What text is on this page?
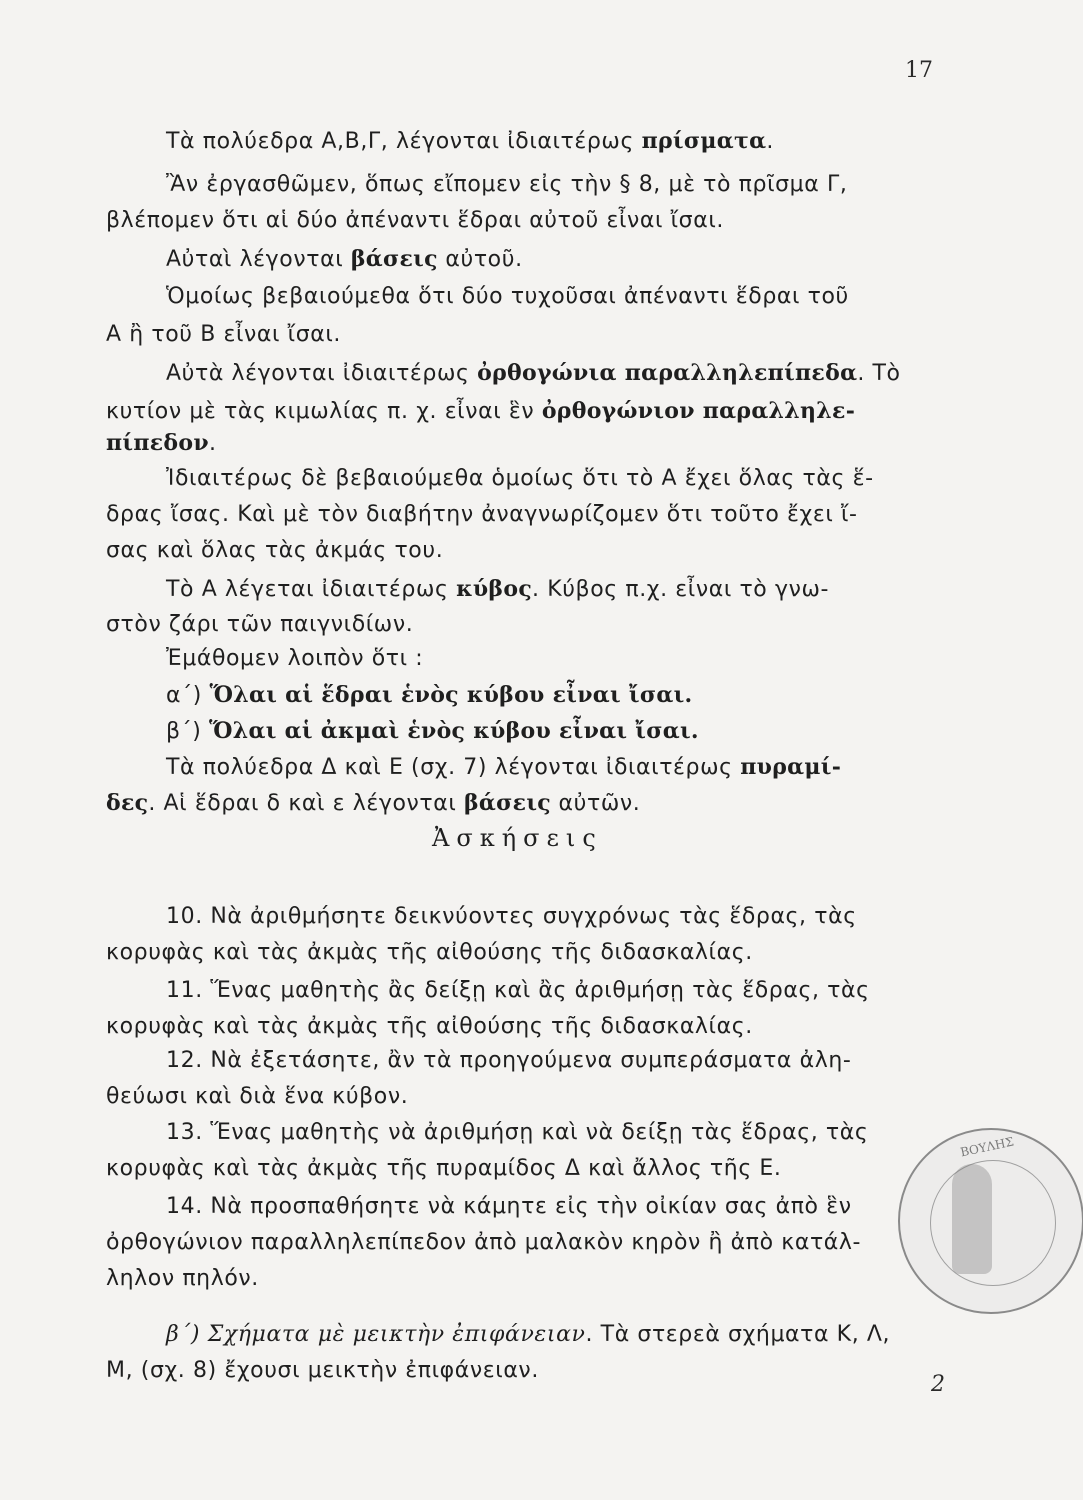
17
Τὰ πολύεδρα Α,Β,Γ, λέγονται ἰδιαιτέρως πρίσματα.
Ἂν ἐργασθῶμεν, ὅπως εἴπομεν εἰς τὴν § 8, μὲ τὸ πρῖσμα Γ,
βλέπομεν ὅτι αἱ δύο ἀπέναντι ἕδραι αὐτοῦ εἶναι ἴσαι.
Αὐταὶ λέγονται βάσεις αὐτοῦ.
Ὁμοίως βεβαιούμεθα ὅτι δύο τυχοῦσαι ἀπέναντι ἕδραι τοῦ
Α ἢ τοῦ Β εἶναι ἴσαι.
Αὐτὰ λέγονται ἰδιαιτέρως ὀρθογώνια παραλληλεπίπεδα. Τὸ
κυτίον μὲ τὰς κιμωλίας π. χ. εἶναι ἓν ὀρθογώνιον παραλληλε-
πίπεδον.
Ἰδιαιτέρως δὲ βεβαιούμεθα ὁμοίως ὅτι τὸ Α ἔχει ὅλας τὰς ἕ-
δρας ἴσας. Καὶ μὲ τὸν διαβήτην ἀναγνωρίζομεν ὅτι τοῦτο ἔχει ἴ-
σας καὶ ὅλας τὰς ἀκμάς του.
Τὸ Α λέγεται ἰδιαιτέρως κύβος. Κύβος π.χ. εἶναι τὸ γνω-
στὸν ζάρι τῶν παιγνιδίων.
Ἐμάθομεν λοιπὸν ὅτι :
α΄) Ὅλαι αἱ ἕδραι ἑνὸς κύβου εἶναι ἴσαι.
β΄) Ὅλαι αἱ ἀκμαὶ ἑνὸς κύβου εἶναι ἴσαι.
Τὰ πολύεδρα Δ καὶ Ε (σχ. 7) λέγονται ἰδιαιτέρως πυραμί-
δες. Αἱ ἕδραι δ καὶ ε λέγονται βάσεις αὐτῶν.
Ἀσκήσεις
10. Νὰ ἀριθμήσητε δεικνύοντες συγχρόνως τὰς ἕδρας, τὰς
κορυφὰς καὶ τὰς ἀκμὰς τῆς αἰθούσης τῆς διδασκαλίας.
11. Ἕνας μαθητὴς ἂς δείξῃ καὶ ἂς ἀριθμήσῃ τὰς ἕδρας, τὰς
κορυφὰς καὶ τὰς ἀκμὰς τῆς αἰθούσης τῆς διδασκαλίας.
12. Νὰ ἐξετάσητε, ἂν τὰ προηγούμενα συμπεράσματα ἀλη-
θεύωσι καὶ διὰ ἕνα κύβον.
13. Ἕνας μαθητὴς νὰ ἀριθμήσῃ καὶ νὰ δείξῃ τὰς ἕδρας, τὰς
κορυφὰς καὶ τὰς ἀκμὰς τῆς πυραμίδος Δ καὶ ἄλλος τῆς Ε.
14. Νὰ προσπαθήσητε νὰ κάμητε εἰς τὴν οἰκίαν σας ἀπὸ ἓν
ὀρθογώνιον παραλληλεπίπεδον ἀπὸ μαλακὸν κηρὸν ἢ ἀπὸ κατάλ-
ληλον πηλόν.
β΄) Σχήματα μὲ μεικτὴν ἐπιφάνειαν. Τὰ στερεὰ σχήματα Κ, Λ,
Μ, (σχ. 8) ἔχουσι μεικτὴν ἐπιφάνειαν.
ΒΟΥΛΗΣ
2
